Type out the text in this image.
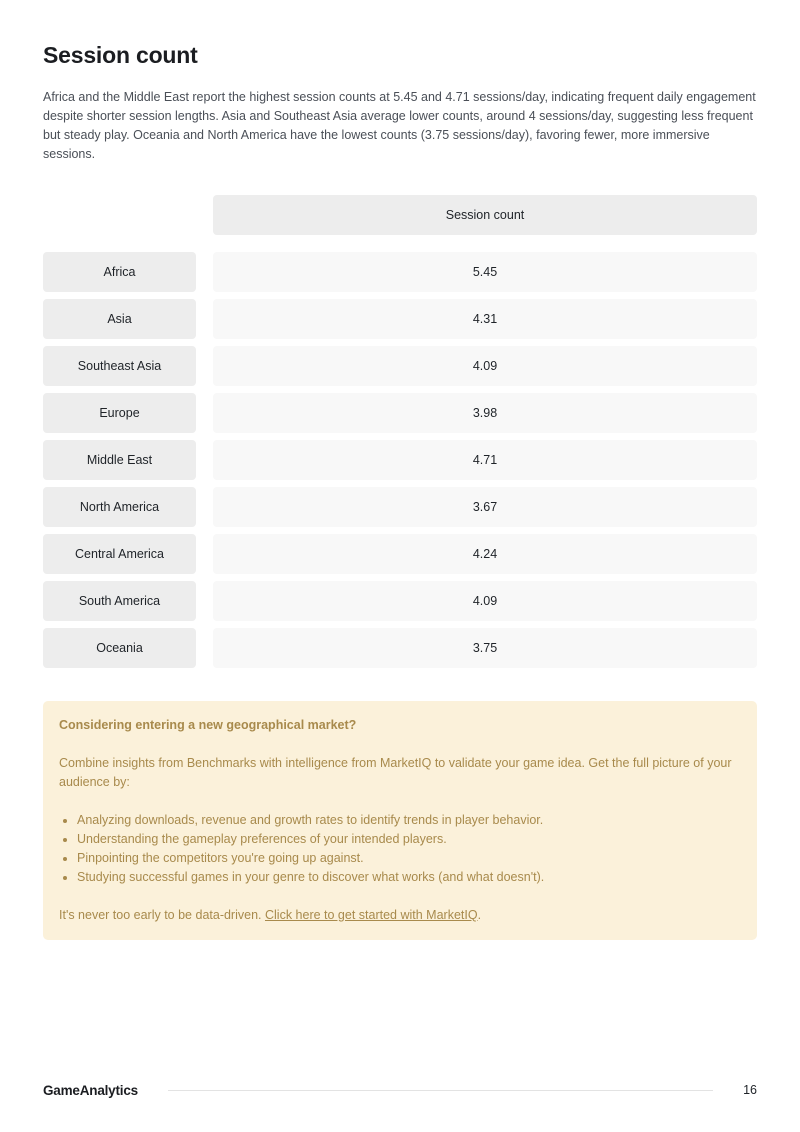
Session count

Africa and the Middle East report the highest session counts at 5.45 and 4.71 sessions/day, indicating frequent daily engagement despite shorter session lengths. Asia and Southeast Asia average lower counts, around 4 sessions/day, suggesting less frequent but steady play. Oceania and North America have the lowest counts (3.75 sessions/day), favoring fewer, more immersive sessions.

Session count
Africa	5.45
Asia	4.31
Southeast Asia	4.09
Europe	3.98
Middle East	4.71
North America	3.67
Central America	4.24
South America	4.09
Oceania	3.75

Considering entering a new geographical market?

Combine insights from Benchmarks with intelligence from MarketIQ to validate your game idea. Get the full picture of your audience by:

• Analyzing downloads, revenue and growth rates to identify trends in player behavior.
• Understanding the gameplay preferences of your intended players.
• Pinpointing the competitors you're going up against.
• Studying successful games in your genre to discover what works (and what doesn't).

It's never too early to be data-driven. Click here to get started with MarketIQ.

GameAnalytics	16
